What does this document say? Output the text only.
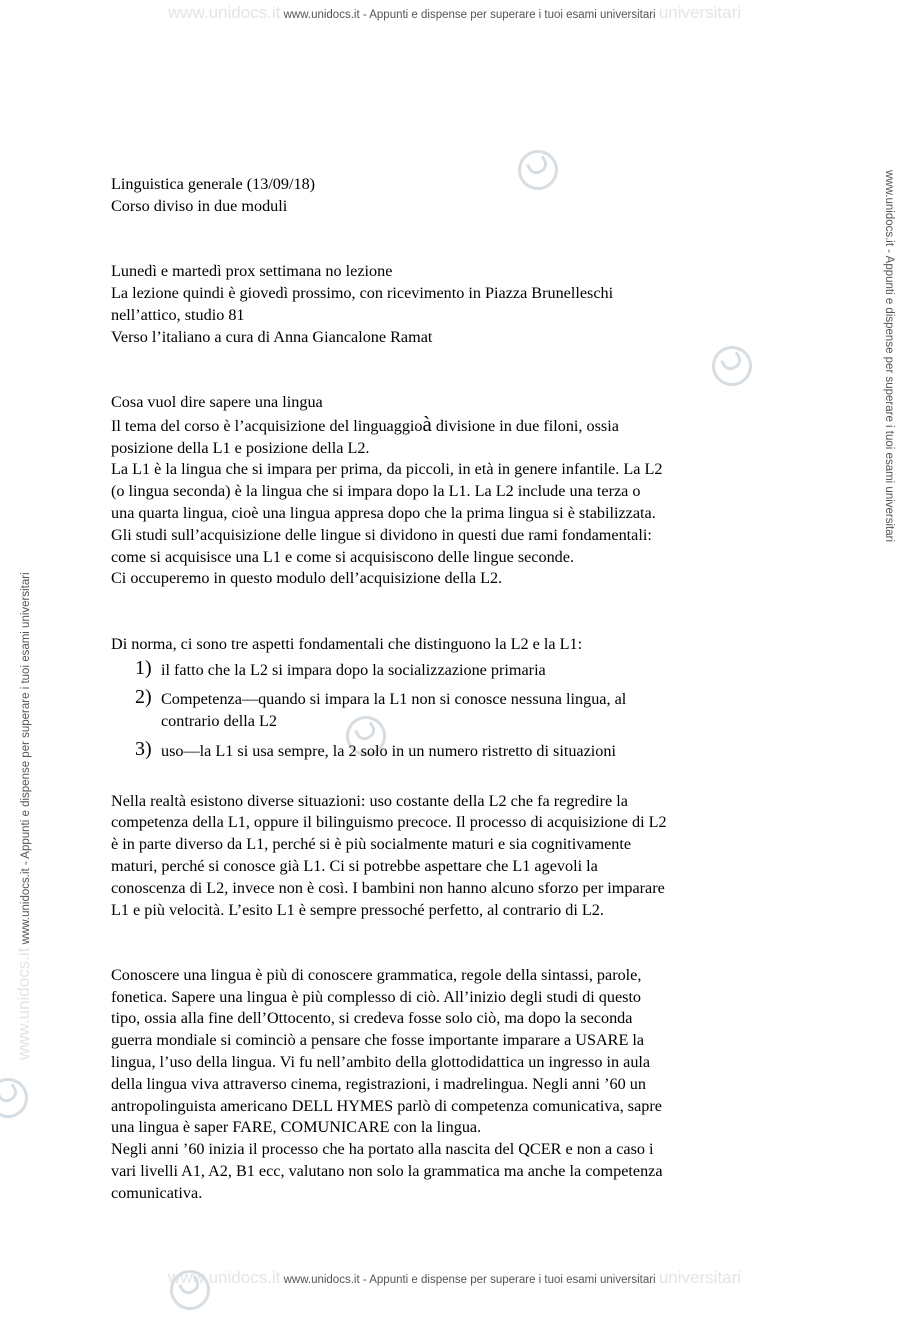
www.unidocs.it www.unidocs.it - Appunti e dispense per superare i tuoi esami universitari universitari
www.unidocs.it www.unidocs.it - Appunti e dispense per superare i tuoi esami universitari universitari
www.unidocs.it www.unidocs.it - Appunti e dispense per superare i tuoi esami universitari
www.unidocs.it - Appunti e dispense per superare i tuoi esami universitari

Linguistica generale (13/09/18)

Corso diviso in due moduli

Lunedì e martedì prox settimana no lezione

La lezione quindi è giovedì prossimo, con ricevimento in Piazza Brunelleschi

nell’attico, studio 81

Verso l’italiano a cura di Anna Giancalone Ramat

Cosa vuol dire sapere una lingua

Il tema del corso è l’acquisizione del linguaggioà divisione in due filoni, ossia

posizione della L1 e posizione della L2.

La L1 è la lingua che si impara per prima, da piccoli, in età in genere infantile. La L2

(o lingua seconda) è la lingua che si impara dopo la L1. La L2 include una terza o

una quarta lingua, cioè una lingua appresa dopo che la prima lingua si è stabilizzata.

Gli studi sull’acquisizione delle lingue si dividono in questi due rami fondamentali:

come si acquisisce una L1 e come si acquisiscono delle lingue seconde.

Ci occuperemo in questo modulo dell’acquisizione della L2.

Di norma, ci sono tre aspetti fondamentali che distinguono la L2 e la L1:

1) il fatto che la L2 si impara dopo la socializzazione primaria
2) Competenza—quando si impara la L1 non si conosce nessuna lingua, al
contrario della L2
3) uso—la L1 si usa sempre, la 2 solo in un numero ristretto di situazioni

Nella realtà esistono diverse situazioni: uso costante della L2 che fa regredire la

competenza della L1, oppure il bilinguismo precoce. Il processo di acquisizione di L2

è in parte diverso da L1, perché si è più socialmente maturi e sia cognitivamente

maturi, perché si conosce già L1. Ci si potrebbe aspettare che L1 agevoli la

conoscenza di L2, invece non è così. I bambini non hanno alcuno sforzo per imparare

L1 e più velocità. L’esito L1 è sempre pressoché perfetto, al contrario di L2.

Conoscere una lingua è più di conoscere grammatica, regole della sintassi, parole,

fonetica. Sapere una lingua è più complesso di ciò. All’inizio degli studi di questo

tipo, ossia alla fine dell’Ottocento, si credeva fosse solo ciò, ma dopo la seconda

guerra mondiale si cominciò a pensare che fosse importante imparare a USARE la

lingua, l’uso della lingua. Vi fu nell’ambito della glottodidattica un ingresso in aula

della lingua viva attraverso cinema, registrazioni, i madrelingua. Negli anni ’60 un

antropolinguista americano DELL HYMES parlò di competenza comunicativa, sapre

una lingua è saper FARE, COMUNICARE con la lingua.

Negli anni ’60 inizia il processo che ha portato alla nascita del QCER e non a caso i

vari livelli A1, A2, B1 ecc, valutano non solo la grammatica ma anche la competenza

comunicativa.
